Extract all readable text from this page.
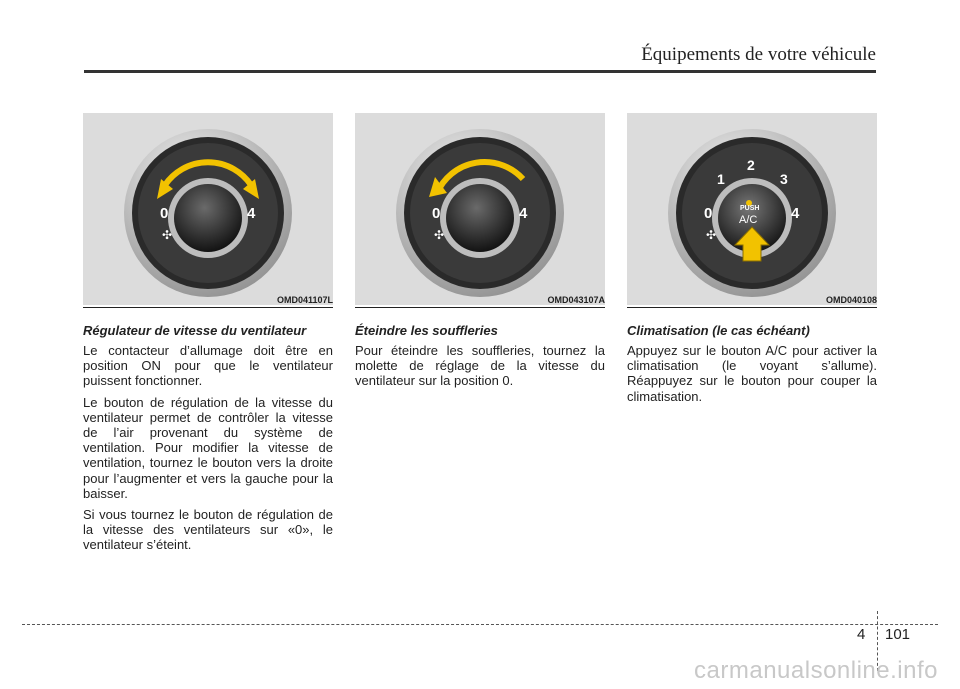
Équipements de votre véhicule
0	4
✣
OMD041107L
Régulateur de vitesse du ventilateur

Le contacteur d’allumage doit être en position ON pour que le ventilateur puissent fonctionner.

Le bouton de régulation de la vitesse du ventilateur permet de contrôler la vitesse de l’air provenant du système de ventilation. Pour modifier la vitesse de ventilation, tournez le bouton vers la droite pour l’augmenter et vers la gauche pour la baisser.

Si vous tournez le bouton de régulation de la vitesse des ventilateurs sur «0», le ventilateur s’éteint.

0	4
✣
OMD043107A
Éteindre les souffleries

Pour éteindre les souffleries, tournez la molette de réglage de la vitesse du ventilateur sur la position 0.

0
1
2
3
4
✣
PUSH
A/C
OMD040108
Climatisation (le cas échéant)

Appuyez sur le bouton A/C pour activer la climatisation (le voyant s’allume). Réappuyez sur le bouton pour couper la climatisation.

4 101
carmanualsonline.info
